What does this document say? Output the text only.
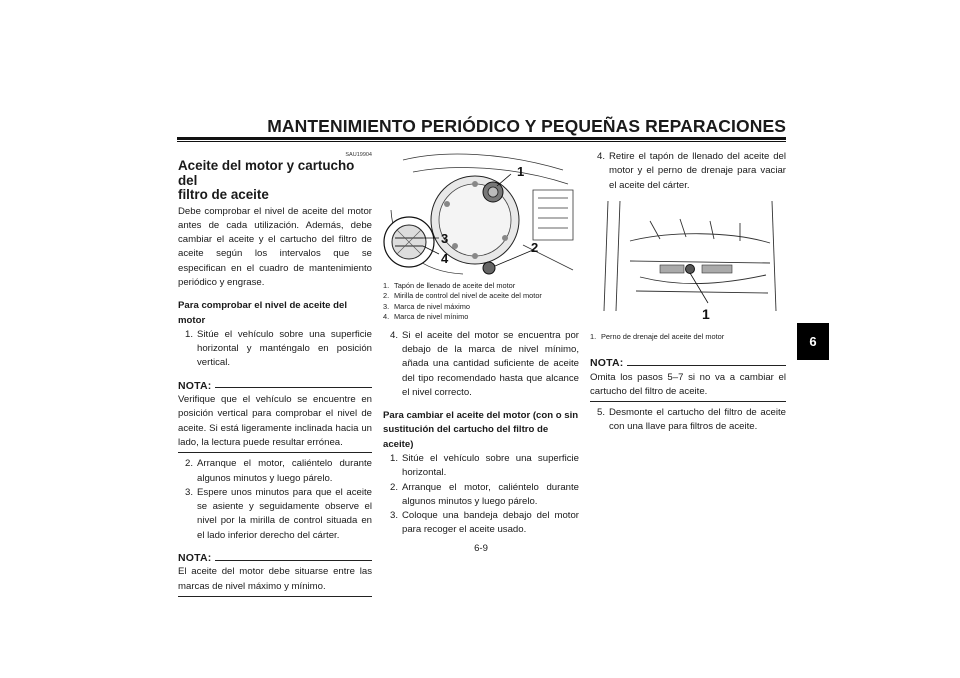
MANTENIMIENTO PERIÓDICO Y PEQUEÑAS REPARACIONES
SAU19904
Aceite del motor y cartucho del
filtro de aceite
Debe comprobar el nivel de aceite del motor antes de cada utilización. Además, debe cambiar el aceite y el cartucho del filtro de aceite según los intervalos que se especifican en el cuadro de mantenimiento periódico y engrase.
Para comprobar el nivel de aceite del motor
1. Sitúe el vehículo sobre una superficie horizontal y manténgalo en posición vertical.
NOTA:
Verifique que el vehículo se encuentre en posición vertical para comprobar el nivel de aceite. Si está ligeramente inclinada hacia un lado, la lectura puede resultar errónea.
2. Arranque el motor, caliéntelo durante algunos minutos y luego párelo.
3. Espere unos minutos para que el aceite se asiente y seguidamente observe el nivel por la mirilla de control situada en el lado inferior derecho del cárter.
NOTA:
El aceite del motor debe situarse entre las marcas de nivel máximo y mínimo.
1
2
3
4
1. Tapón de llenado de aceite del motor
2. Mirilla de control del nivel de aceite del motor
3. Marca de nivel máximo
4. Marca de nivel mínimo
4. Si el aceite del motor se encuentra por debajo de la marca de nivel mínimo, añada una cantidad suficiente de aceite del tipo recomendado hasta que alcance el nivel correcto.
Para cambiar el aceite del motor (con o sin sustitución del cartucho del filtro de aceite)
1. Sitúe el vehículo sobre una superficie horizontal.
2. Arranque el motor, caliéntelo durante algunos minutos y luego párelo.
3. Coloque una bandeja debajo del motor para recoger el aceite usado.
4. Retire el tapón de llenado del aceite del motor y el perno de drenaje para vaciar el aceite del cárter.
1
1. Perno de drenaje del aceite del motor
NOTA:
Omita los pasos 5–7 si no va a cambiar el cartucho del filtro de aceite.
5. Desmonte el cartucho del filtro de aceite con una llave para filtros de aceite.
6-9
6
